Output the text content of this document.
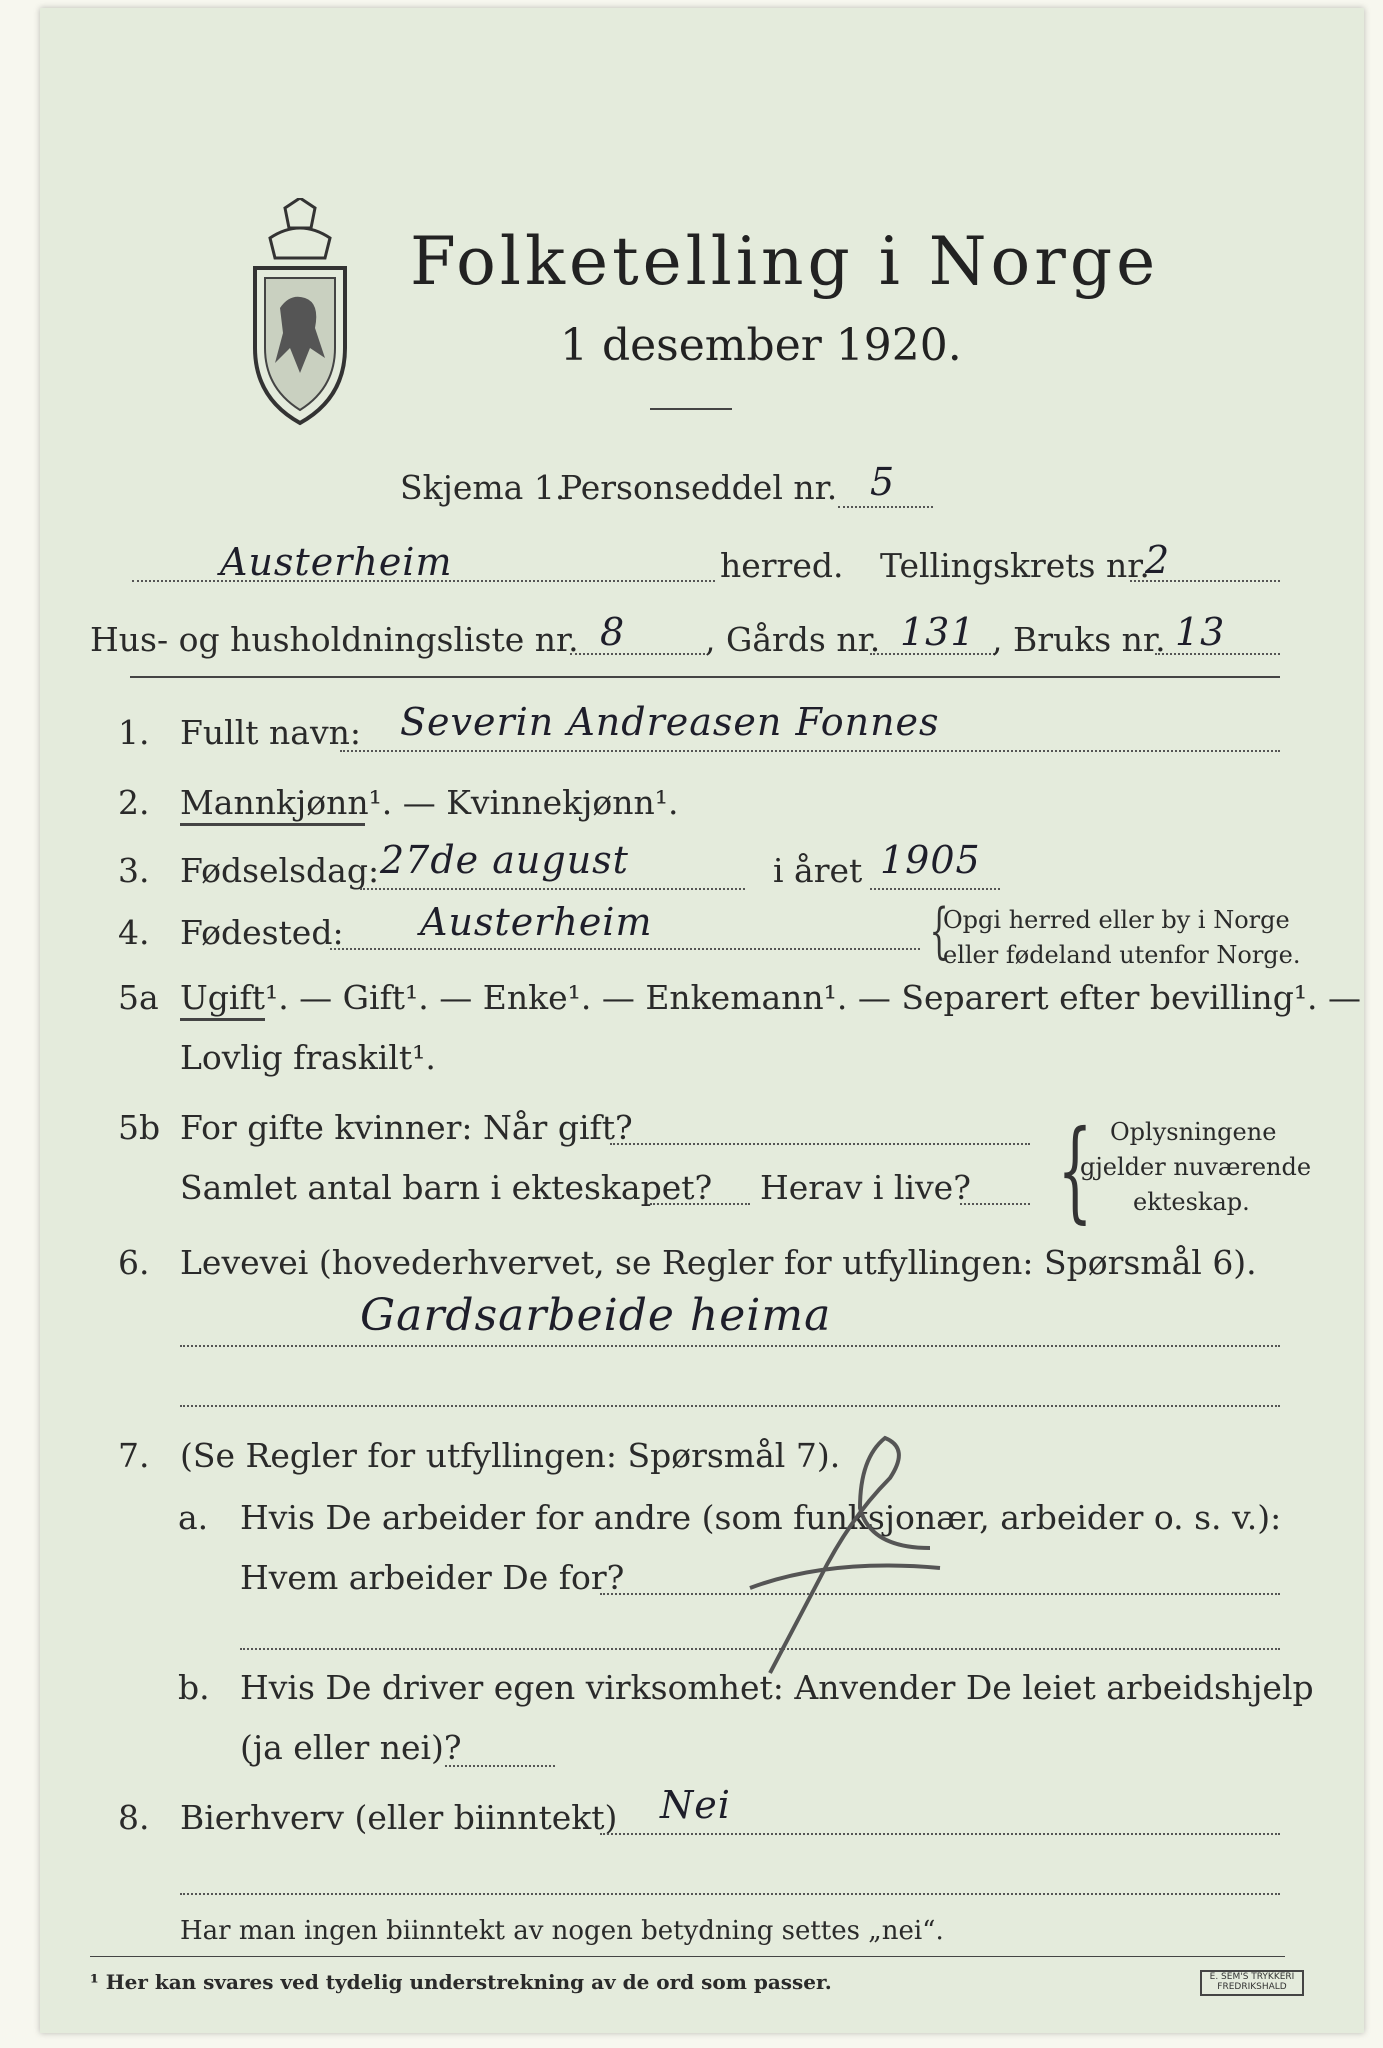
Folketelling i Norge
1 desember 1920.
Skjema 1.
Personseddel nr. 5
Austerheim	herred. Tellingskrets nr.
2
Hus- og husholdningsliste nr. 8 , Gårds nr. 131 , Bruks nr. 13
1. Fullt navn: Severin Andreasen Fonnes
2. Mannkjønn¹. — Kvinnekjønn¹.
3. Fødselsdag: 27de august	i året 1905
4. Fødested: Austerheim	{
Opgi herred eller by i Norge
eller fødeland utenfor Norge.
5a Ugift¹. — Gift¹. — Enke¹. — Enkemann¹. — Separert efter bevilling¹. —
Lovlig fraskilt¹.
5b For gifte kvinner: Når gift?
Samlet antal barn i ekteskapet? Herav i live? { Oplysningene
gjelder nuværende
ekteskap.
6. Levevei (hovederhvervet, se Regler for utfyllingen: Spørsmål 6).
Gardsarbeide heima
7. (Se Regler for utfyllingen: Spørsmål 7).
a. Hvis De arbeider for andre (som funksjonær, arbeider o. s. v.):
Hvem arbeider De for?
b. Hvis De driver egen virksomhet: Anvender De leiet arbeidshjelp
(ja eller nei)?
8. Bierhverv (eller biinntekt) Nei
Har man ingen biinntekt av nogen betydning settes „nei“.
¹ Her kan svares ved tydelig understrekning av de ord som passer.	E. SEM'S TRYKKERI FREDRIKSHALD
